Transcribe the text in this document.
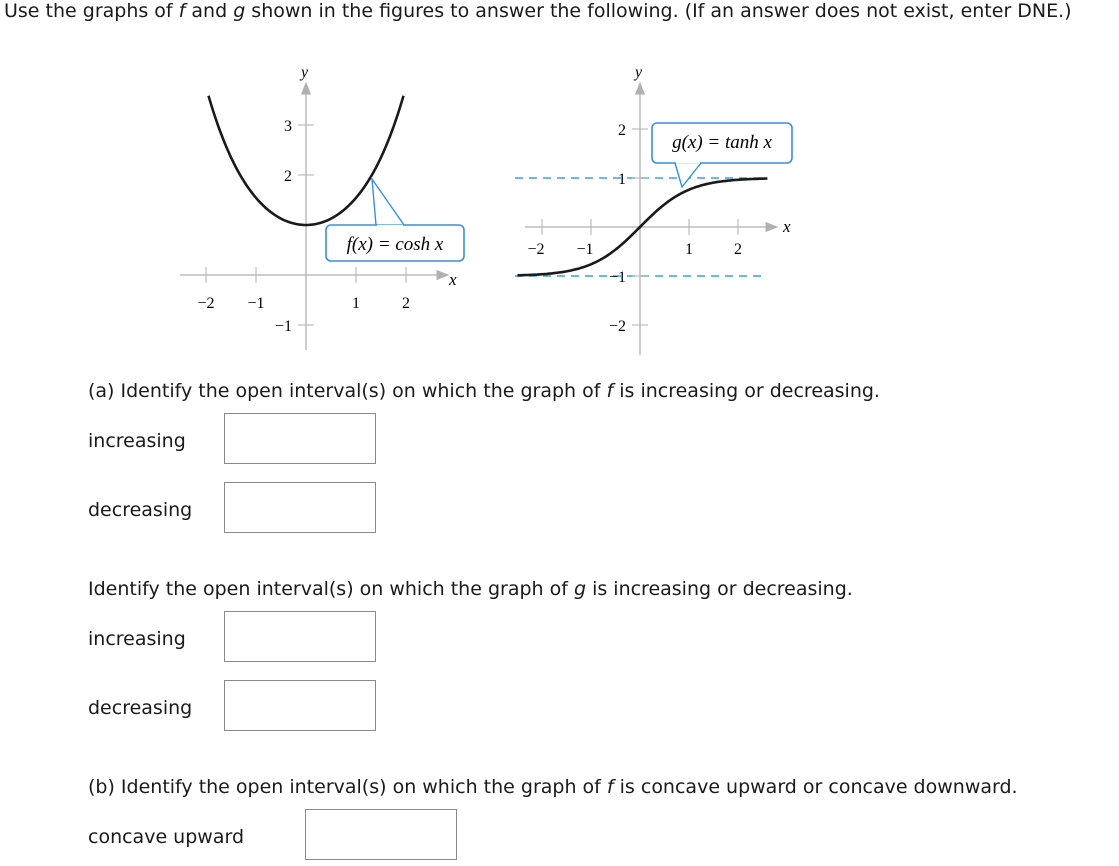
Use the graphs of f and g shown in the figures to answer the following. (If an answer does not exist, enter DNE.)
y
x
−2 −1	1	2
3
2
−1
f(x) = cosh x
y
x
−2 −1	1	2
2
1
−1
−2
g(x) = tanh x
(a) Identify the open interval(s) on which the graph of f is increasing or decreasing.
increasing
decreasing
Identify the open interval(s) on which the graph of g is increasing or decreasing.
increasing
decreasing
(b) Identify the open interval(s) on which the graph of f is concave upward or concave downward.
concave upward
